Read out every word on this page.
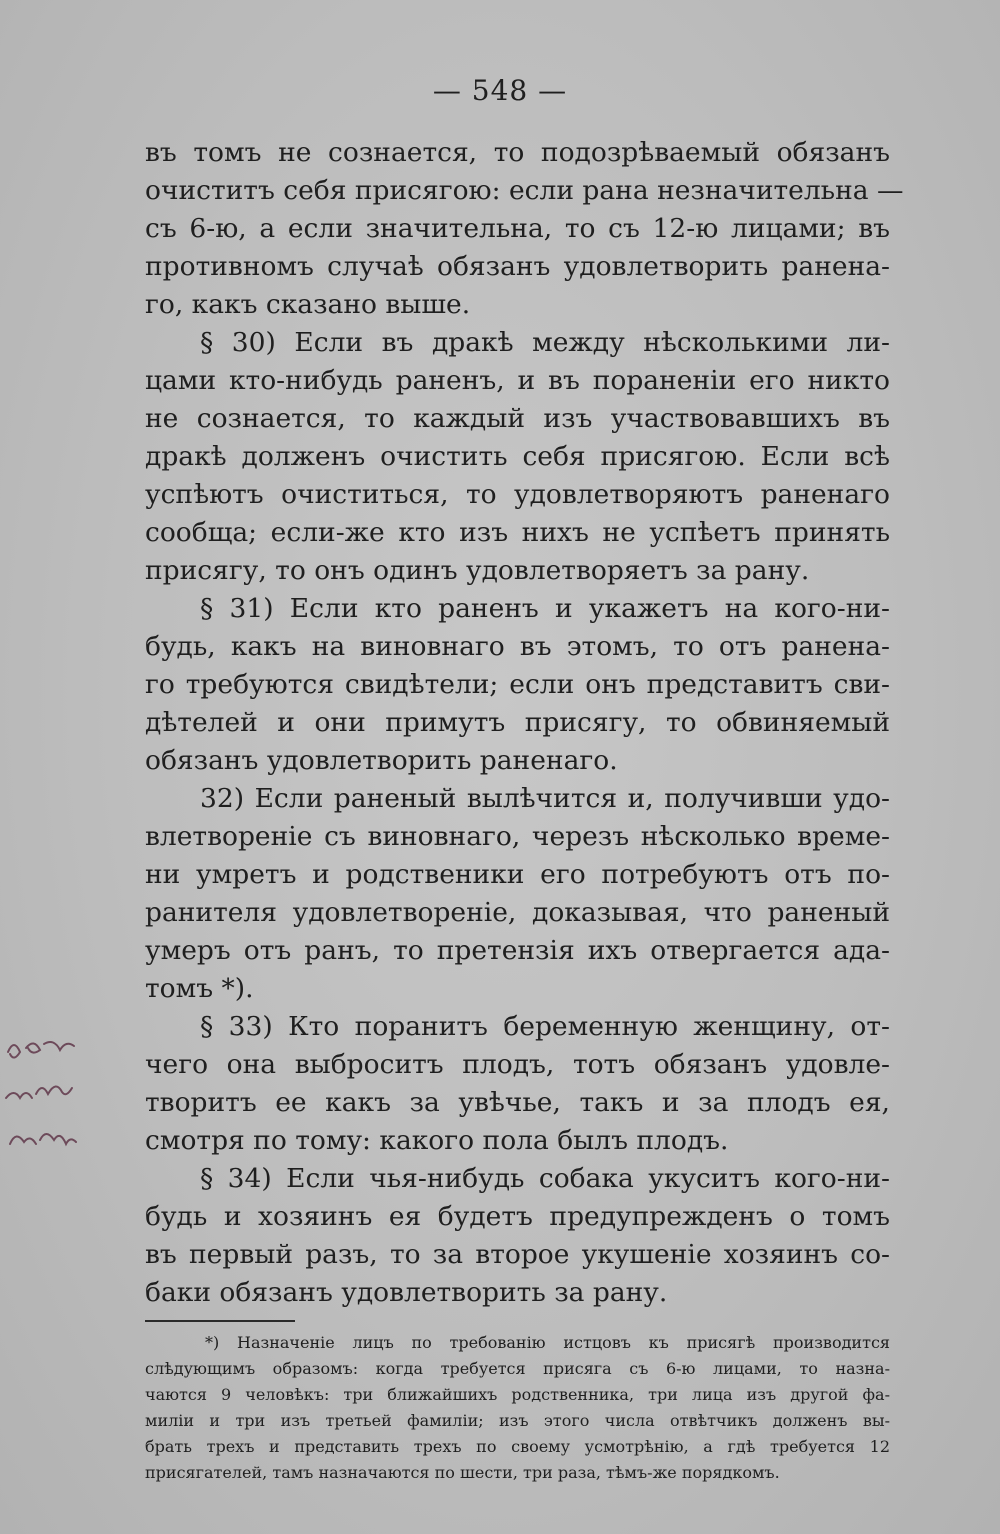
— 548 —
въ томъ не сознается, то подозрѣваемый обязанъ
очиститъ себя присягою: если рана незначительна —
съ 6-ю, а если значительна, то съ 12-ю лицами; въ
противномъ случаѣ обязанъ удовлетворить ранена-
го, какъ сказано выше.
§ 30) Если въ дракѣ между нѣсколькими ли-
цами кто-нибудь раненъ, и въ пораненіи его никто
не сознается, то каждый изъ участвовавшихъ въ
дракѣ долженъ очистить себя присягою. Если всѣ
успѣютъ очиститься, то удовлетворяютъ раненаго
сообща; если-же кто изъ нихъ не успѣетъ принять
присягу, то онъ одинъ удовлетворяетъ за рану.
§ 31) Если кто раненъ и укажетъ на кого-ни-
будь, какъ на виновнаго въ этомъ, то отъ ранена-
го требуются свидѣтели; если онъ представитъ сви-
дѣтелей и они примутъ присягу, то обвиняемый
обязанъ удовлетворить раненаго.
32) Если раненый вылѣчится и, получивши удо-
влетвореніе съ виновнаго, черезъ нѣсколько време-
ни умретъ и родственики его потребуютъ отъ по-
ранителя удовлетвореніе, доказывая, что раненый
умеръ отъ ранъ, то претензія ихъ отвергается ада-
томъ *).
§ 33) Кто поранитъ беременную женщину, от-
чего она выброситъ плодъ, тотъ обязанъ удовле-
творитъ ее какъ за увѣчье, такъ и за плодъ ея,
смотря по тому: какого пола былъ плодъ.
§ 34) Если чья-нибудь собака укуситъ кого-ни-
будь и хозяинъ ея будетъ предупрежденъ о томъ
въ первый разъ, то за второе укушеніе хозяинъ со-
баки обязанъ удовлетворить за рану.
*) Назначеніе лицъ по требованію истцовъ къ присягѣ производится
слѣдующимъ образомъ: когда требуется присяга съ 6-ю лицами, то назна-
чаются 9 человѣкъ: три ближайшихъ родственника, три лица изъ другой фа-
миліи и три изъ третьей фамиліи; изъ этого числа отвѣтчикъ долженъ вы-
брать трехъ и представить трехъ по своему усмотрѣнію, а гдѣ требуется 12
присягателей, тамъ назначаются по шести, три раза, тѣмъ-же порядкомъ.
